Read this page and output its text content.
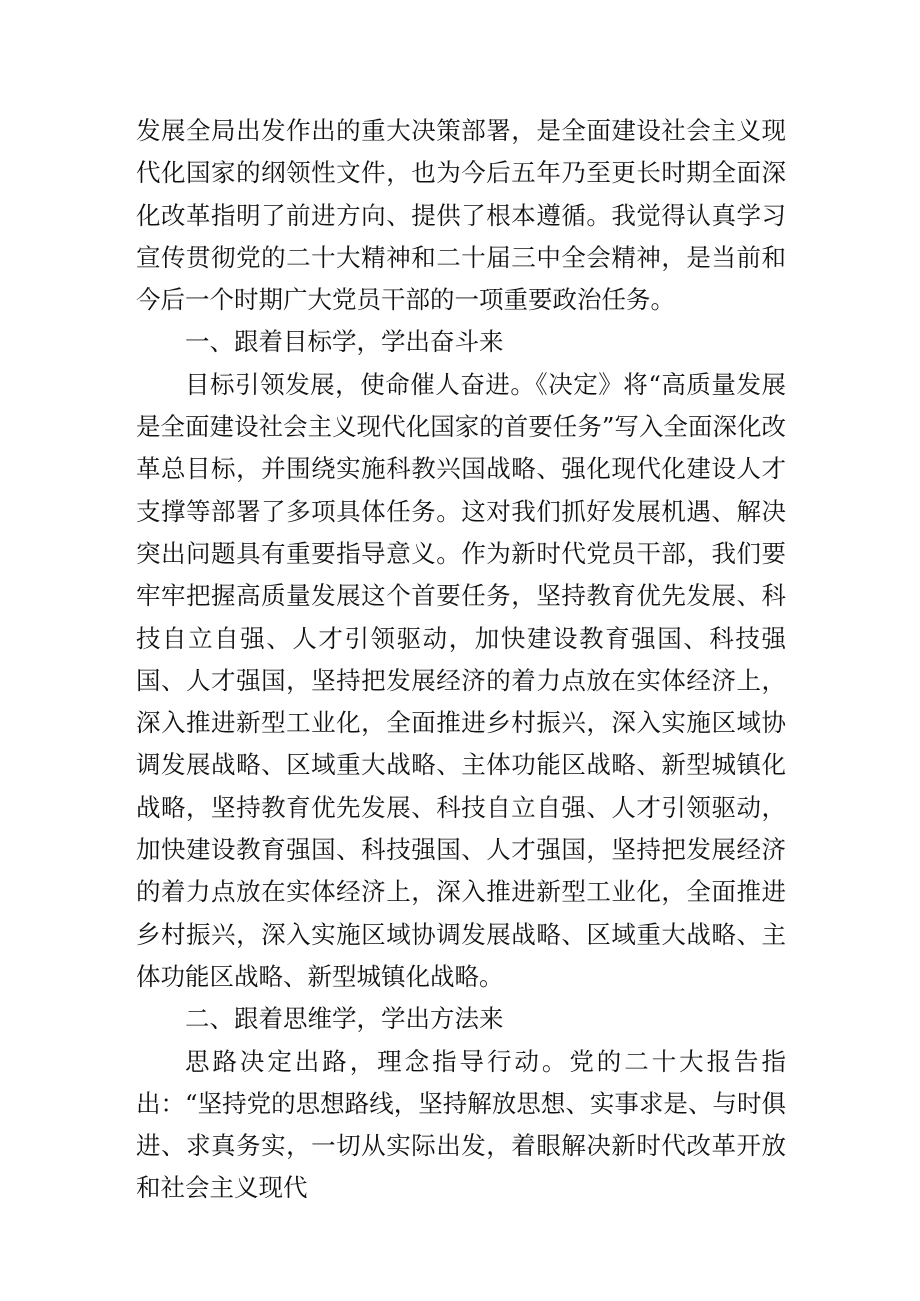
发展全局出发作出的重大决策部署，是全面建设社会主义现代化国家的纲领性文件，也为今后五年乃至更长时期全面深化改革指明了前进方向、提供了根本遵循。我觉得认真学习宣传贯彻党的二十大精神和二十届三中全会精神，是当前和今后一个时期广大党员干部的一项重要政治任务。

一、跟着目标学，学出奋斗来

目标引领发展，使命催人奋进。《决定》将“高质量发展是全面建设社会主义现代化国家的首要任务”写入全面深化改革总目标，并围绕实施科教兴国战略、强化现代化建设人才支撑等部署了多项具体任务。这对我们抓好发展机遇、解决突出问题具有重要指导意义。作为新时代党员干部，我们要牢牢把握高质量发展这个首要任务，坚持教育优先发展、科技自立自强、人才引领驱动，加快建设教育强国、科技强国、人才强国，坚持把发展经济的着力点放在实体经济上，深入推进新型工业化，全面推进乡村振兴，深入实施区域协调发展战略、区域重大战略、主体功能区战略、新型城镇化战略，坚持教育优先发展、科技自立自强、人才引领驱动，加快建设教育强国、科技强国、人才强国，坚持把发展经济的着力点放在实体经济上，深入推进新型工业化，全面推进乡村振兴，深入实施区域协调发展战略、区域重大战略、主体功能区战略、新型城镇化战略。

二、跟着思维学，学出方法来

思路决定出路，理念指导行动。党的二十大报告指出：“坚持党的思想路线，坚持解放思想、实事求是、与时俱进、求真务实，一切从实际出发，着眼解决新时代改革开放和社会主义现代
